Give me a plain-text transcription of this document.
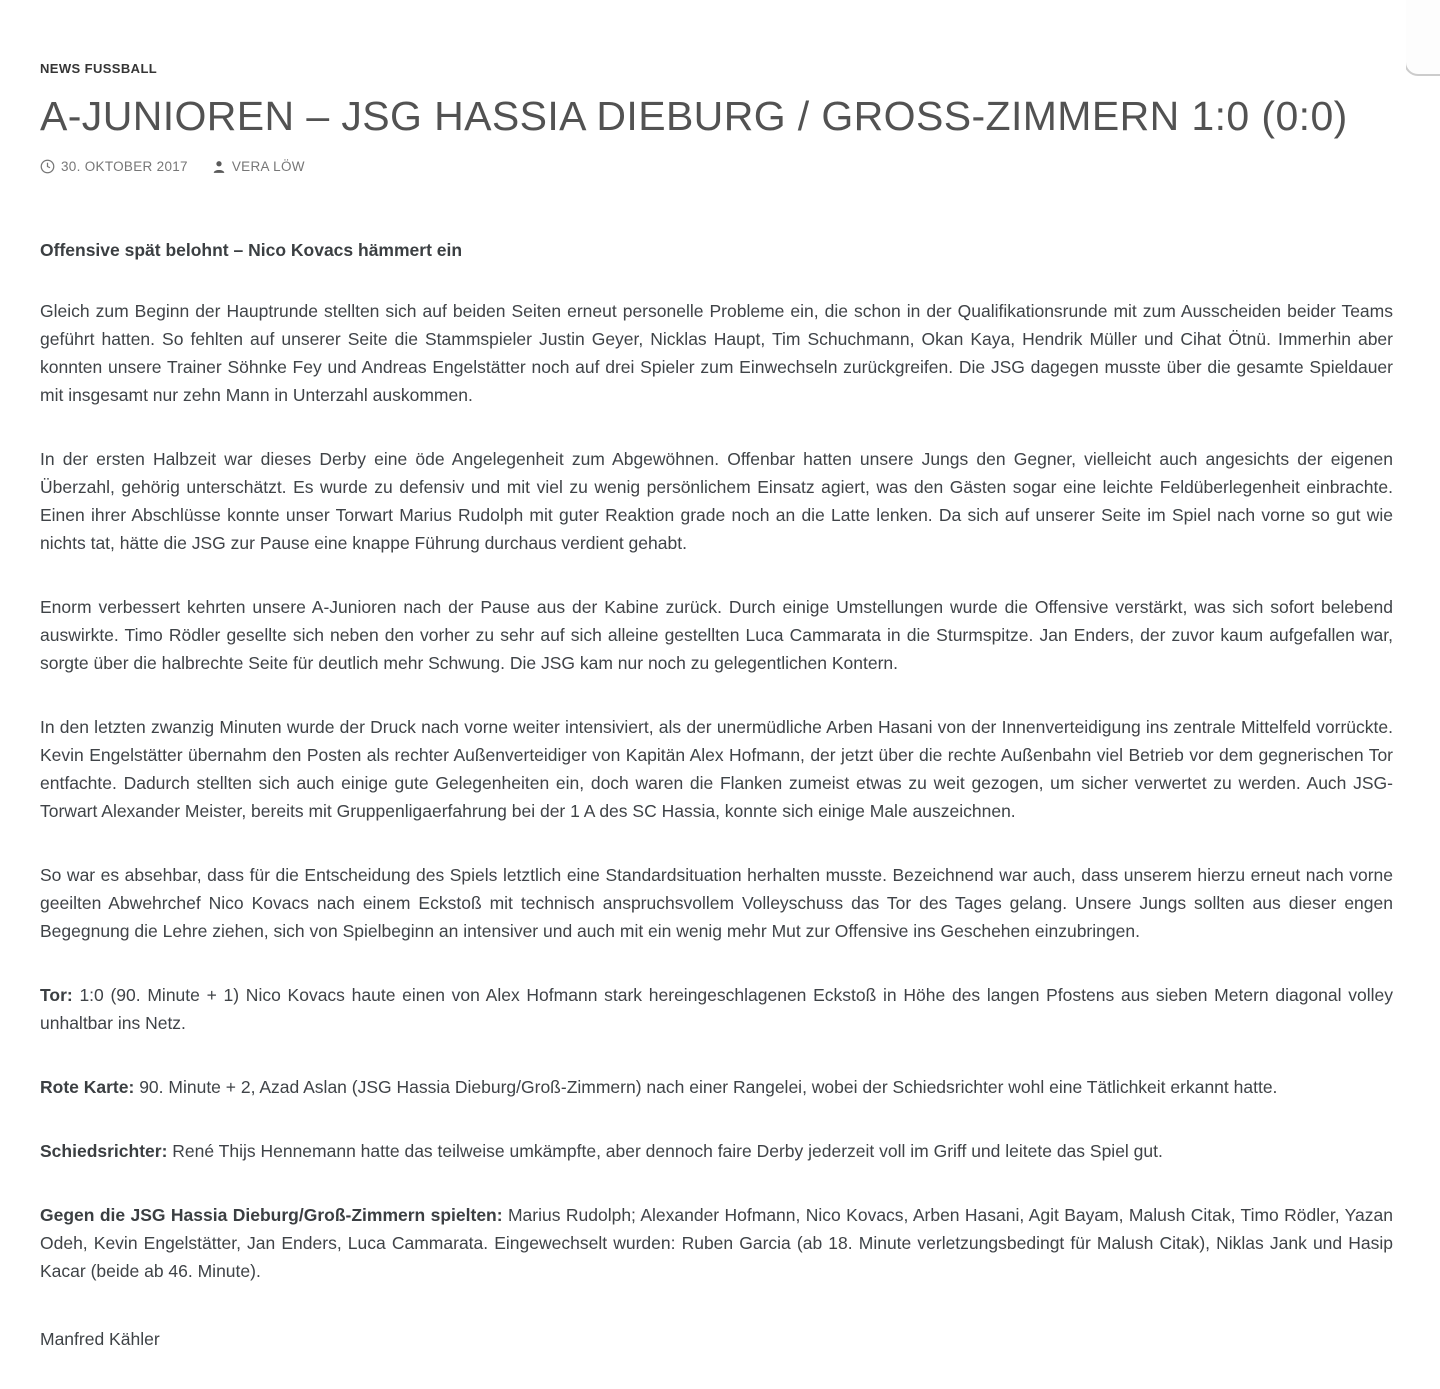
NEWS FUSSBALL
A-JUNIOREN – JSG HASSIA DIEBURG / GROSS-ZIMMERN 1:0 (0:0)
30. OKTOBER 2017	VERA LÖW
Offensive spät belohnt – Nico Kovacs hämmert ein

Gleich zum Beginn der Hauptrunde stellten sich auf beiden Seiten erneut personelle Probleme ein, die schon in der Qualifikationsrunde mit zum Ausscheiden beider Teams geführt hatten. So fehlten auf unserer Seite die Stammspieler Justin Geyer, Nicklas Haupt, Tim Schuchmann, Okan Kaya, Hendrik Müller und Cihat Ötnü. Immerhin aber konnten unsere Trainer Söhnke Fey und Andreas Engelstätter noch auf drei Spieler zum Einwechseln zurückgreifen. Die JSG dagegen musste über die gesamte Spieldauer mit insgesamt nur zehn Mann in Unterzahl auskommen.

In der ersten Halbzeit war dieses Derby eine öde Angelegenheit zum Abgewöhnen. Offenbar hatten unsere Jungs den Gegner, vielleicht auch angesichts der eigenen Überzahl, gehörig unterschätzt. Es wurde zu defensiv und mit viel zu wenig persönlichem Einsatz agiert, was den Gästen sogar eine leichte Feldüberlegenheit einbrachte. Einen ihrer Abschlüsse konnte unser Torwart Marius Rudolph mit guter Reaktion grade noch an die Latte lenken. Da sich auf unserer Seite im Spiel nach vorne so gut wie nichts tat, hätte die JSG zur Pause eine knappe Führung durchaus verdient gehabt.

Enorm verbessert kehrten unsere A-Junioren nach der Pause aus der Kabine zurück. Durch einige Umstellungen wurde die Offensive verstärkt, was sich sofort belebend auswirkte. Timo Rödler gesellte sich neben den vorher zu sehr auf sich alleine gestellten Luca Cammarata in die Sturmspitze. Jan Enders, der zuvor kaum aufgefallen war, sorgte über die halbrechte Seite für deutlich mehr Schwung. Die JSG kam nur noch zu gelegentlichen Kontern.

In den letzten zwanzig Minuten wurde der Druck nach vorne weiter intensiviert, als der unermüdliche Arben Hasani von der Innenverteidigung ins zentrale Mittelfeld vorrückte. Kevin Engelstätter übernahm den Posten als rechter Außenverteidiger von Kapitän Alex Hofmann, der jetzt über die rechte Außenbahn viel Betrieb vor dem gegnerischen Tor entfachte. Dadurch stellten sich auch einige gute Gelegenheiten ein, doch waren die Flanken zumeist etwas zu weit gezogen, um sicher verwertet zu werden. Auch JSG-Torwart Alexander Meister, bereits mit Gruppenligaerfahrung bei der 1 A des SC Hassia, konnte sich einige Male auszeichnen.

So war es absehbar, dass für die Entscheidung des Spiels letztlich eine Standardsituation herhalten musste. Bezeichnend war auch, dass unserem hierzu erneut nach vorne geeilten Abwehrchef Nico Kovacs nach einem Eckstoß mit technisch anspruchsvollem Volleyschuss das Tor des Tages gelang. Unsere Jungs sollten aus dieser engen Begegnung die Lehre ziehen, sich von Spielbeginn an intensiver und auch mit ein wenig mehr Mut zur Offensive ins Geschehen einzubringen.

Tor: 1:0 (90. Minute + 1) Nico Kovacs haute einen von Alex Hofmann stark hereingeschlagenen Eckstoß in Höhe des langen Pfostens aus sieben Metern diagonal volley unhaltbar ins Netz.

Rote Karte: 90. Minute + 2, Azad Aslan (JSG Hassia Dieburg/Groß-Zimmern) nach einer Rangelei, wobei der Schiedsrichter wohl eine Tätlichkeit erkannt hatte.

Schiedsrichter: René Thijs Hennemann hatte das teilweise umkämpfte, aber dennoch faire Derby jederzeit voll im Griff und leitete das Spiel gut.

Gegen die JSG Hassia Dieburg/Groß-Zimmern spielten: Marius Rudolph; Alexander Hofmann, Nico Kovacs, Arben Hasani, Agit Bayam, Malush Citak, Timo Rödler, Yazan Odeh, Kevin Engelstätter, Jan Enders, Luca Cammarata. Eingewechselt wurden: Ruben Garcia (ab 18. Minute verletzungsbedingt für Malush Citak), Niklas Jank und Hasip Kacar (beide ab 46. Minute).

Manfred Kähler
